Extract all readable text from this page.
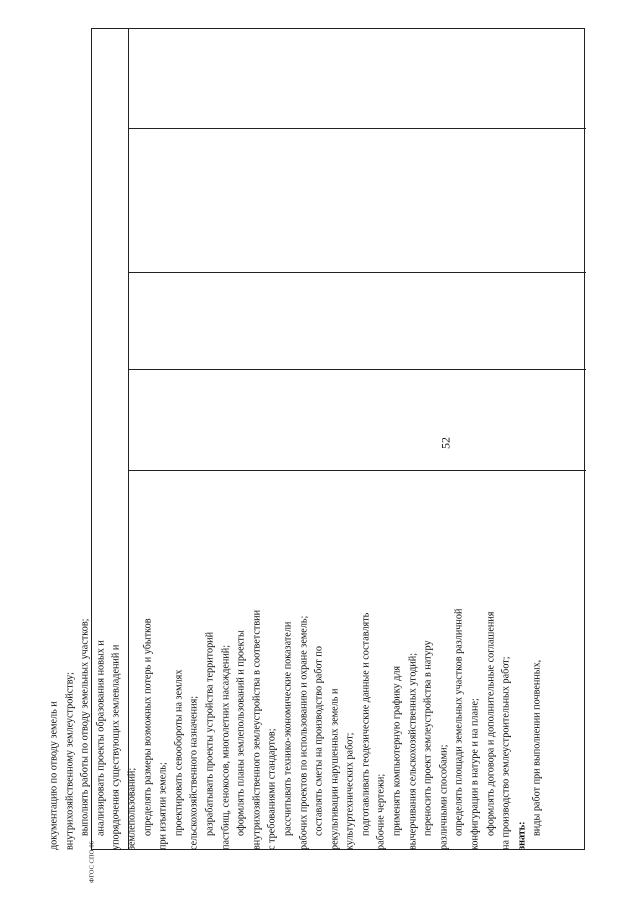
52
документацию по отводу земель и внутрихозяйственному землеустройству; выполнять работы по отводу земельных участков; анализировать проекты образования новых и упорядочения существующих землевладений и землепользований; определять размеры возможных потерь и убытков при изъятии земель; проектировать севообороты на землях сельскохозяйственного назначения; разрабатывать проекты устройства территорий пастбищ, сенокосов, многолетних насаждений; оформлять планы землепользований и проекты внутрихозяйственного землеустройства в соответствии с требованиями стандартов; рассчитывать технико-экономические показатели рабочих проектов по использованию и охране земель; составлять сметы на производство работ по рекультивации нарушенных земель и культуртехнических работ; подготавливать геодезические данные и составлять рабочие чертежи; применять компьютерную графику для вычерчивания сельскохозяйственных угодий; переносить проект землеустройства в натуру различными способами; определять площади земельных участков различной конфигурации в натуре и на плане; оформлять договора и дополнительные соглашения на производство землеустроительных работ; знать: виды работ при выполнении почвенных,
ФГОС СПО-06
